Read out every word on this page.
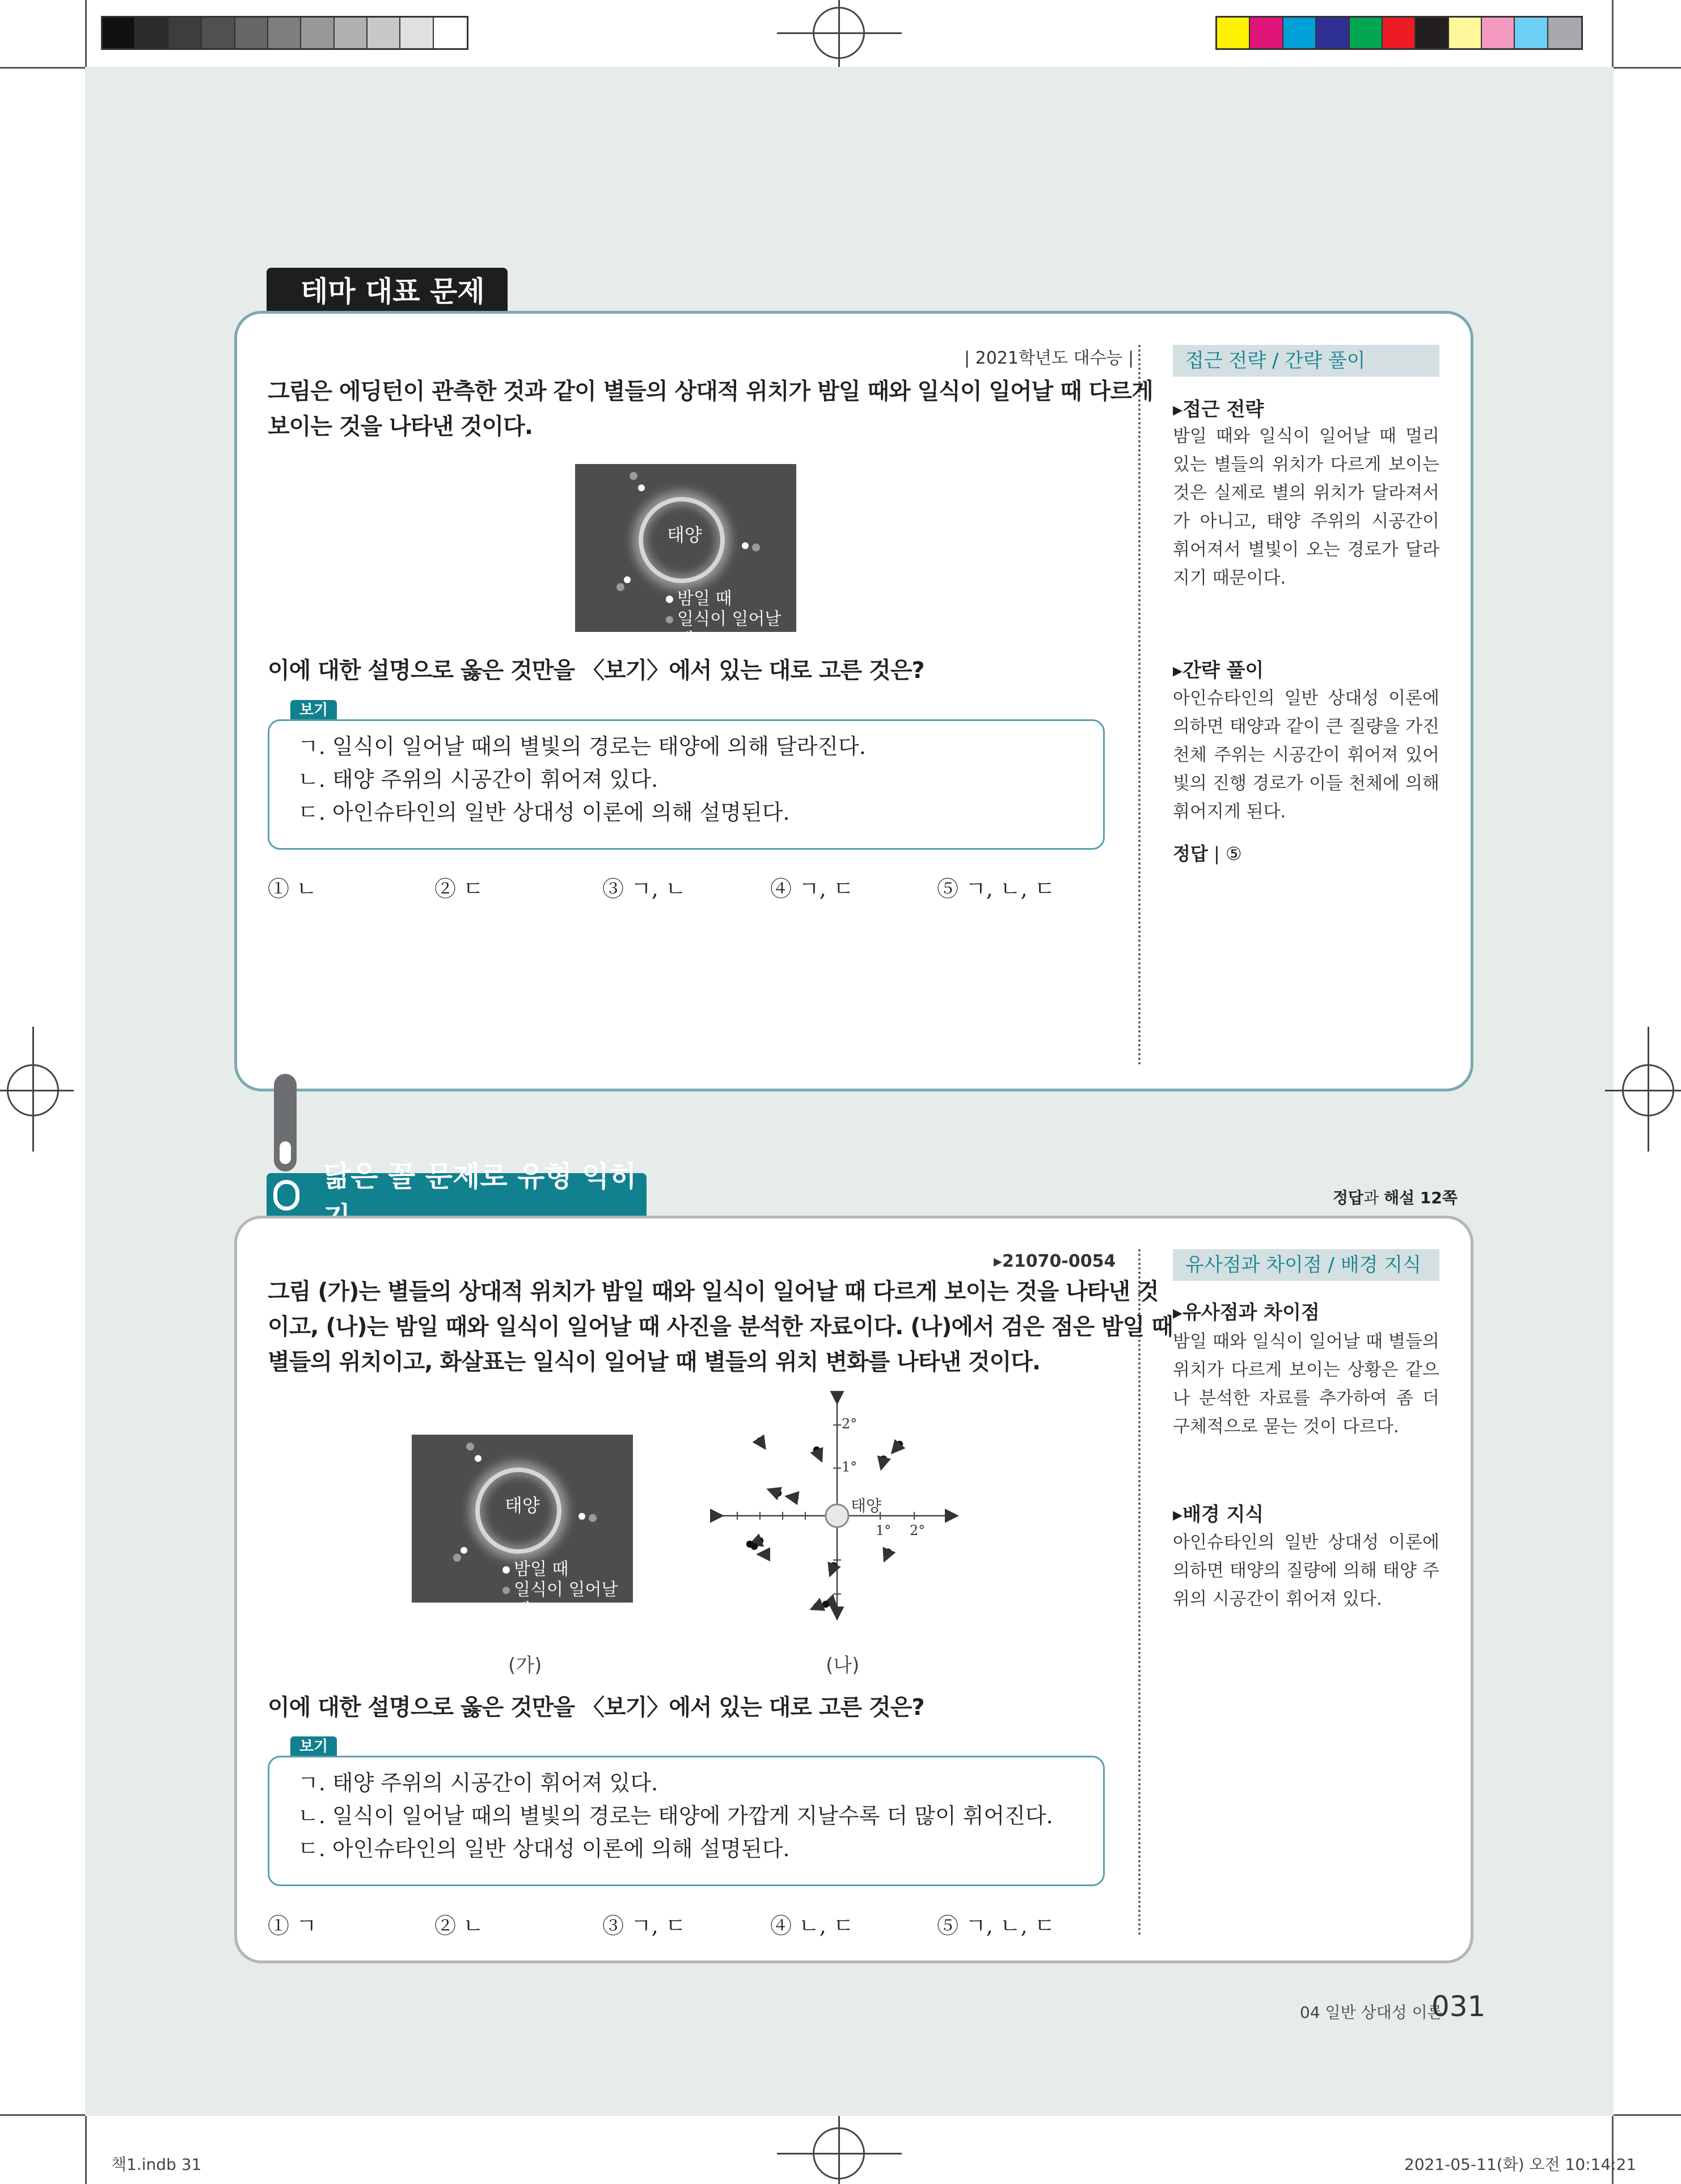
테마 대표 문제
| 2021학년도 대수능 |
그림은 에딩턴이 관측한 것과 같이 별들의 상대적 위치가 밤일 때와 일식이 일어날 때 다르게
보이는 것을 나타낸 것이다.
태양
밤일 때
일식이 일어날 때
이에 대한 설명으로 옳은 것만을 〈보기〉에서 있는 대로 고른 것은?
보기
ㄱ. 일식이 일어날 때의 별빛의 경로는 태양에 의해 달라진다.
ㄴ. 태양 주위의 시공간이 휘어져 있다.
ㄷ. 아인슈타인의 일반 상대성 이론에 의해 설명된다.
① ㄴ	② ㄷ	③ ㄱ, ㄴ	④ ㄱ, ㄷ	⑤ ㄱ, ㄴ, ㄷ
접근 전략 / 간략 풀이
▸접근 전략
밤일 때와 일식이 일어날 때 멀리 있는 별들의 위치가 다르게 보이는 것은 실제로 별의 위치가 달라져서가 아니고, 태양 주위의 시공간이 휘어져서 별빛이 오는 경로가 달라지기 때문이다.
▸간략 풀이
아인슈타인의 일반 상대성 이론에 의하면 태양과 같이 큰 질량을 가진 천체 주위는 시공간이 휘어져 있어 빛의 진행 경로가 이들 천체에 의해 휘어지게 된다.
정답 | ⑤
닮은 꼴 문제로 유형 익히
정답과 해설 12쪽
▸21070-0054
그림 (가)는 별들의 상대적 위치가 밤일 때와 일식이 일어날 때 다르게 보이는 것을 나타낸 것
이고, (나)는 밤일 때와 일식이 일어날 때 사진을 분석한 자료이다. (나)에서 검은 점은 밤일 때
별들의 위치이고, 화살표는 일식이 일어날 때 별들의 위치 변화를 나타낸 것이다.
태양
밤일 때
일식이 일어날 때
(가)
태양
2°
1°
1° 2°
(나)
이에 대한 설명으로 옳은 것만을 〈보기〉에서 있는 대로 고른 것은?
보기
ㄱ. 태양 주위의 시공간이 휘어져 있다.
ㄴ. 일식이 일어날 때의 별빛의 경로는 태양에 가깝게 지날수록 더 많이 휘어진다.
ㄷ. 아인슈타인의 일반 상대성 이론에 의해 설명된다.
① ㄱ	② ㄴ	③ ㄱ, ㄷ	④ ㄴ, ㄷ	⑤ ㄱ, ㄴ, ㄷ
유사점과 차이점 / 배경 지식
▸유사점과 차이점
밤일 때와 일식이 일어날 때 별들의 위치가 다르게 보이는 상황은 같으나 분석한 자료를 추가하여 좀 더 구체적으로 묻는 것이 다르다.
▸배경 지식
아인슈타인의 일반 상대성 이론에 의하면 태양의 질량에 의해 태양 주위의 시공간이 휘어져 있다.
04 일반 상대성 이론
031
책1.indb 31	2021-05-11(화) 오전 10:14:21
